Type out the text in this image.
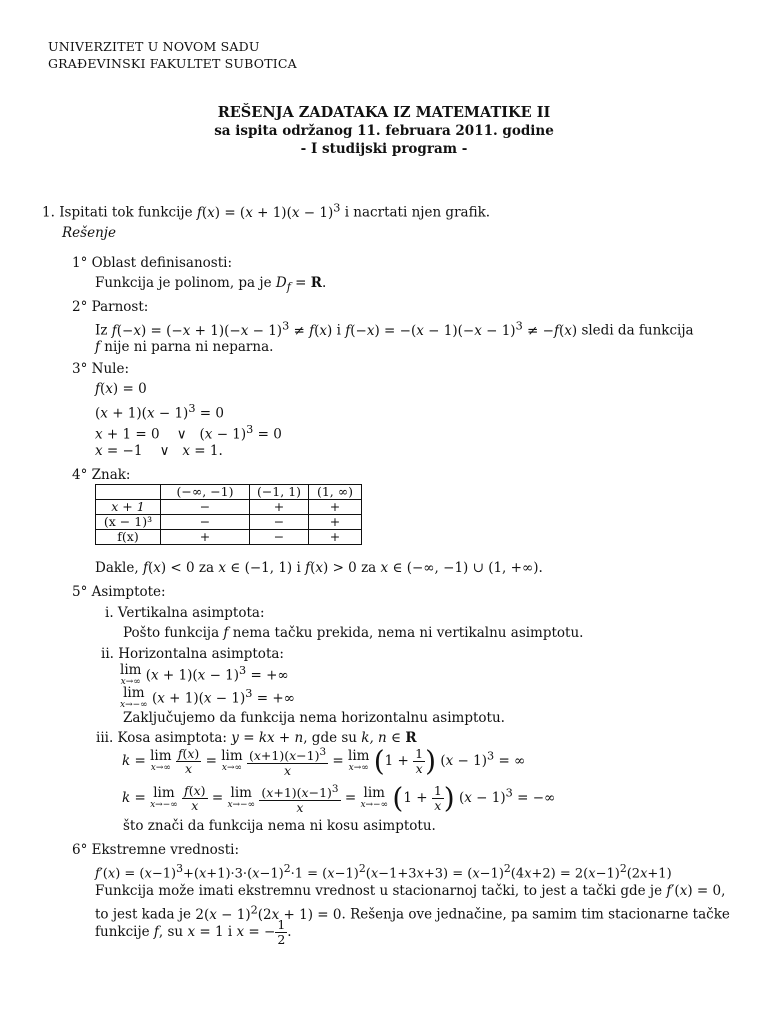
UNIVERZITET U NOVOM SADU
GRAĐEVINSKI FAKULTET SUBOTICA
REŠENJA ZADATAKA IZ MATEMATIKE II
sa ispita održanog 11. februara 2011. godine
- I studijski program -
1. Ispitati tok funkcije $f(x) = (x + 1)(x - 1)^3$ i nacrtati njen grafik.
Rešenje
1° Oblast definisanosti:
Funkcija je polinom, pa je $D_f = R$.
2° Parnost:
Iz $f(-x) = (-x + 1)(-x - 1)^3 \ne f(x)$ i $f(-x) = -(x - 1)(-x - 1)^3 \ne -f(x)$ sledi da funkcija
f nije ni parna ni neparna.
3° Nule:
f(x) = 0
$(x + 1)(x - 1)^3 = 0$
x + 1 = 0    ∨   $(x - 1)^3 = 0$
x = −1    ∨   x = 1.
4° Znak:
	(−∞, −1)	(−1, 1)	(1, ∞)
x + 1	−	+	+
(x − 1)³	−	−	+
f(x)	+	−	+
Dakle, f(x) < 0 za x ∈ (−1, 1) i f(x) > 0 za x ∈ (−∞, −1) ∪ (1, +∞).
5° Asimptote:
i. Vertikalna asimptota:
Pošto funkcija f nema tačku prekida, nema ni vertikalnu asimptotu.
ii. Horizontalna asimptota:
lim
x→∞ $(x + 1)(x - 1)^3$ = +∞
lim
x→−∞ $(x + 1)(x - 1)^3$ = +∞
Zaključujemo da funkcija nema horizontalnu asimptotu.
iii. Kosa asimptota: y = kx + n, gde su k, n ∈ R
k = lim
x→∞
$\frac{f(x)}{x} = \lim$
x→∞
$\frac{(x+1)(x-1)^3}{x} = \lim$
x→∞ ($1 + \frac{1}{x}$ ) $(x - 1)^3$ = ∞
k = lim
x→−∞
$\frac{f(x)}{x} = \lim$
x→−∞
$\frac{(x+1)(x-1)^3}{x} = \lim$
x→−∞ ($1 + \frac{1}{x}$ ) $(x - 1)^3$ = −∞
što znači da funkcija nema ni kosu asimptotu.
6° Ekstremne vrednosti:
$f'(x) = (x-1)^3+(x+1)\cdot 3\cdot(x-1)^2\cdot 1 = (x-1)^2(x-1+3x+3) = (x-1)^2(4x+2) = 2(x-1)^2(2x+1)$
Funkcija može imati ekstremnu vrednost u stacionarnoj tački, to jest a tački gde je f′(x) = 0,
to jest kada je $2(x - 1)^2(2x + 1) = 0$. Rešenja ove jednačine, pa samim tim stacionarne tačke
funkcije f, su x = 1 i x = − $\frac{1}{2}$ .
